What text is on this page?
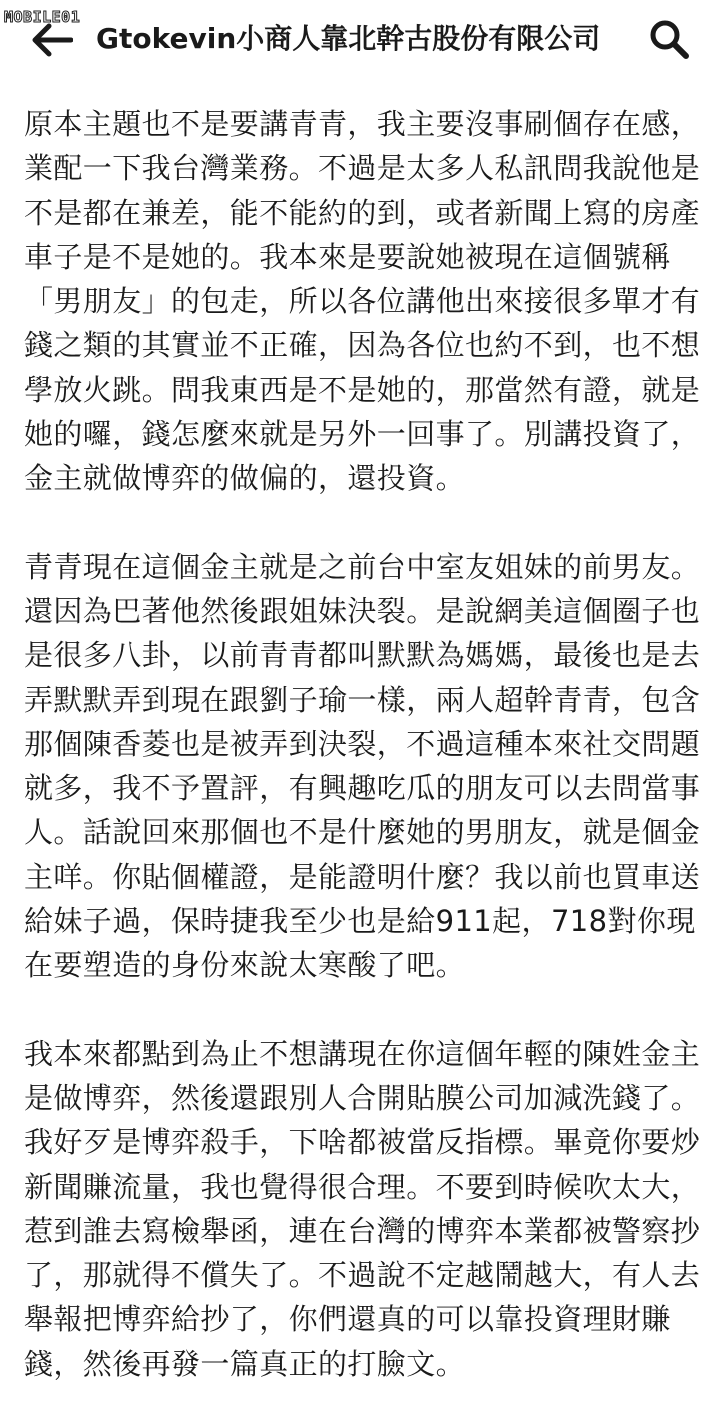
MOBILE01
Gtokevin小商人靠北幹古股份有限公司

原本主題也不是要講青青，我主要沒事刷個存在感，
業配一下我台灣業務。不過是太多人私訊問我說他是
不是都在兼差，能不能約的到，或者新聞上寫的房產
車子是不是她的。我本來是要說她被現在這個號稱
「男朋友」的包走，所以各位講他出來接很多單才有
錢之類的其實並不正確，因為各位也約不到，也不想
學放火跳。問我東西是不是她的，那當然有證，就是
她的囉，錢怎麼來就是另外一回事了。別講投資了，
金主就做博弈的做偏的，還投資。

青青現在這個金主就是之前台中室友姐妹的前男友。
還因為巴著他然後跟姐妹決裂。是說網美這個圈子也
是很多八卦，以前青青都叫默默為媽媽，最後也是去
弄默默弄到現在跟劉子瑜一樣，兩人超幹青青，包含
那個陳香菱也是被弄到決裂，不過這種本來社交問題
就多，我不予置評，有興趣吃瓜的朋友可以去問當事
人。話說回來那個也不是什麼她的男朋友，就是個金
主咩。你貼個權證，是能證明什麼？我以前也買車送
給妹子過，保時捷我至少也是給911起，718對你現
在要塑造的身份來說太寒酸了吧。

我本來都點到為止不想講現在你這個年輕的陳姓金主
是做博弈，然後還跟別人合開貼膜公司加減洗錢了。
我好歹是博弈殺手，下啥都被當反指標。畢竟你要炒
新聞賺流量，我也覺得很合理。不要到時候吹太大，
惹到誰去寫檢舉函，連在台灣的博弈本業都被警察抄
了，那就得不償失了。不過說不定越鬧越大，有人去
舉報把博弈給抄了，你們還真的可以靠投資理財賺
錢，然後再發一篇真正的打臉文。
